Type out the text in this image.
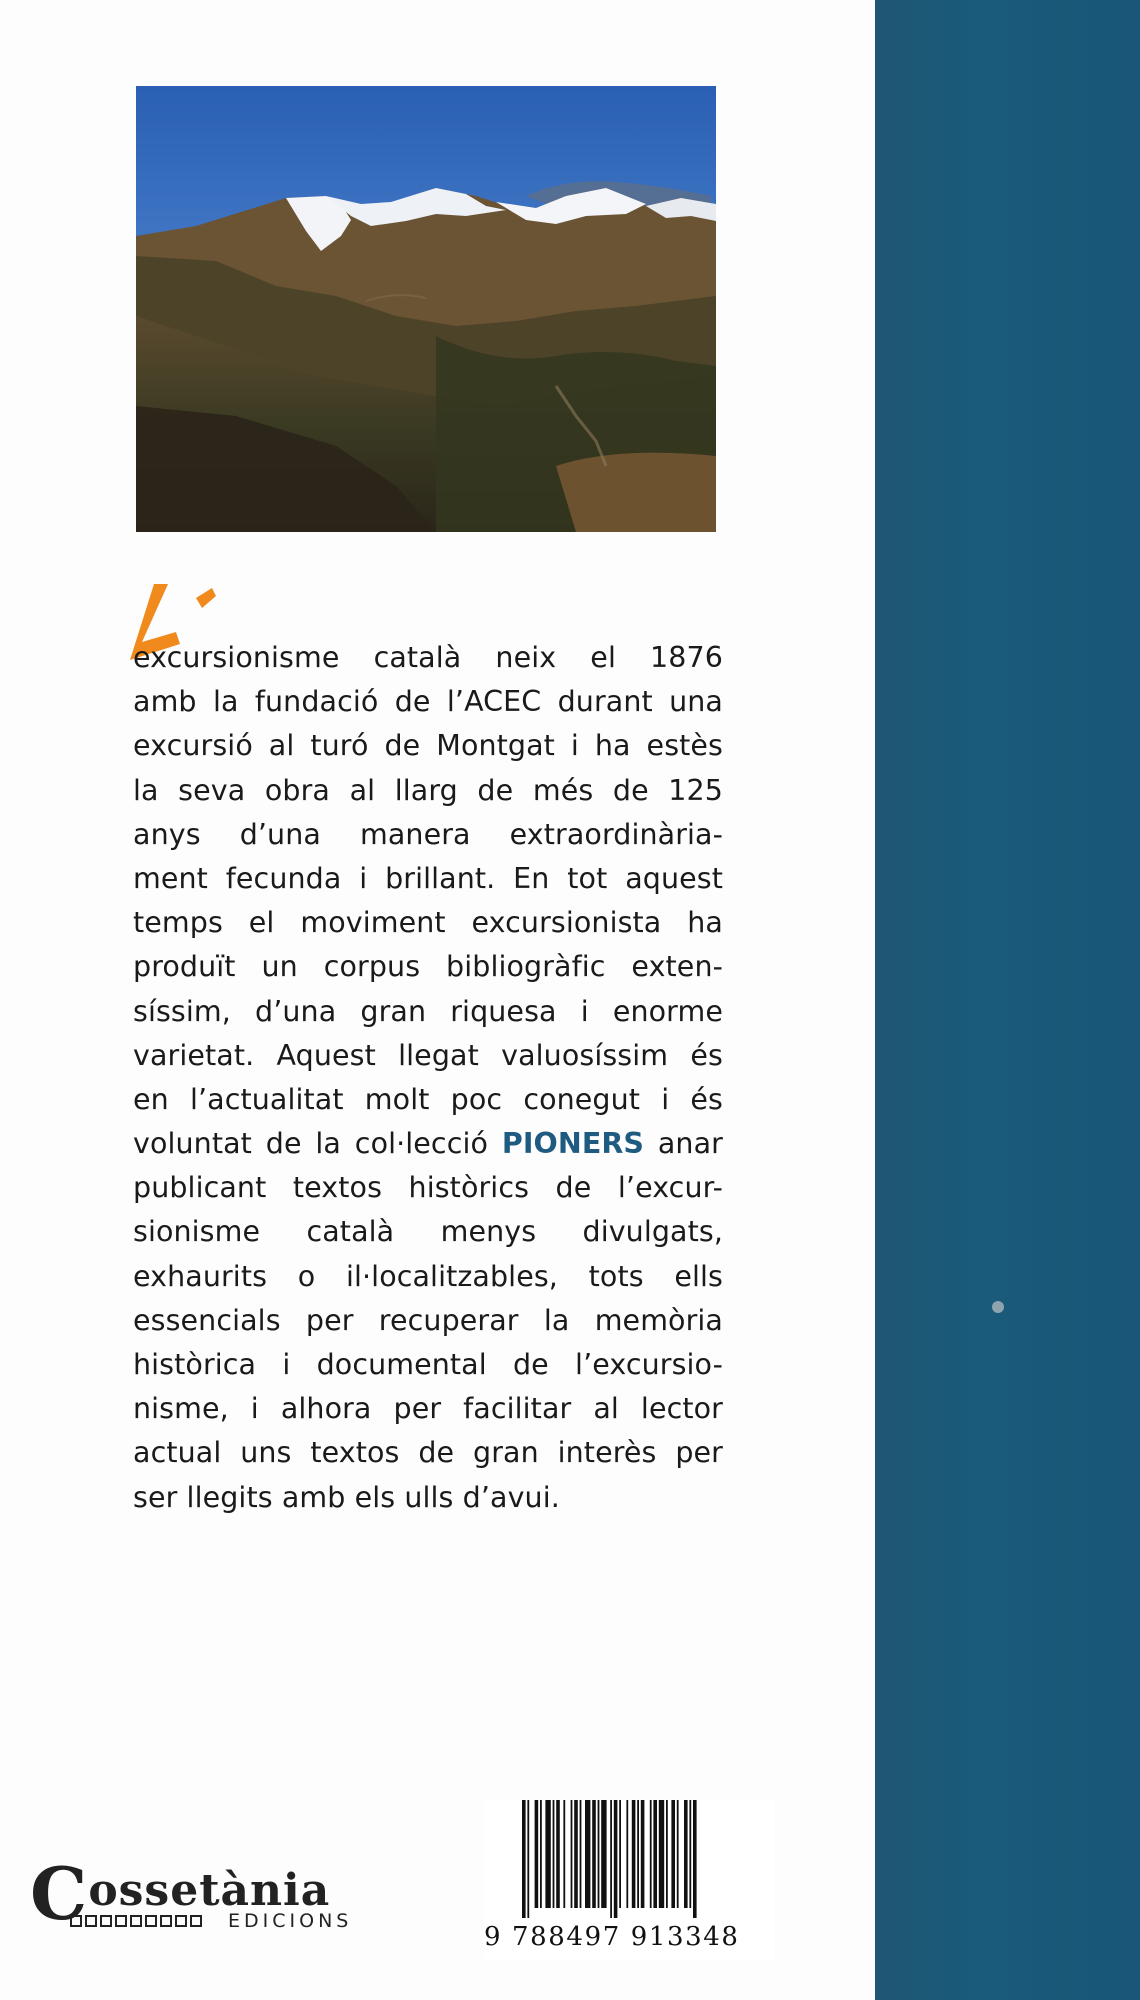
excursionisme català neix el 1876
amb la fundació de l’ACEC durant una
excursió al turó de Montgat i ha estès
la seva obra al llarg de més de 125
anys d’una manera extraordinària-
ment fecunda i brillant. En tot aquest
temps el moviment excursionista ha
produït un corpus bibliogràfic exten-
síssim, d’una gran riquesa i enorme
varietat. Aquest llegat valuosíssim és
en l’actualitat molt poc conegut i és
voluntat de la col·lecció PIONERS anar
publicant textos històrics de l’excur-
sionisme català menys divulgats,
exhaurits o il·localitzables, tots ells
essencials per recuperar la memòria
històrica i documental de l’excursio-
nisme, i alhora per facilitar al lector
actual uns textos de gran interès per
ser llegits amb els ulls d’avui.
Cossetània
EDICIONS
9 788497 913348
